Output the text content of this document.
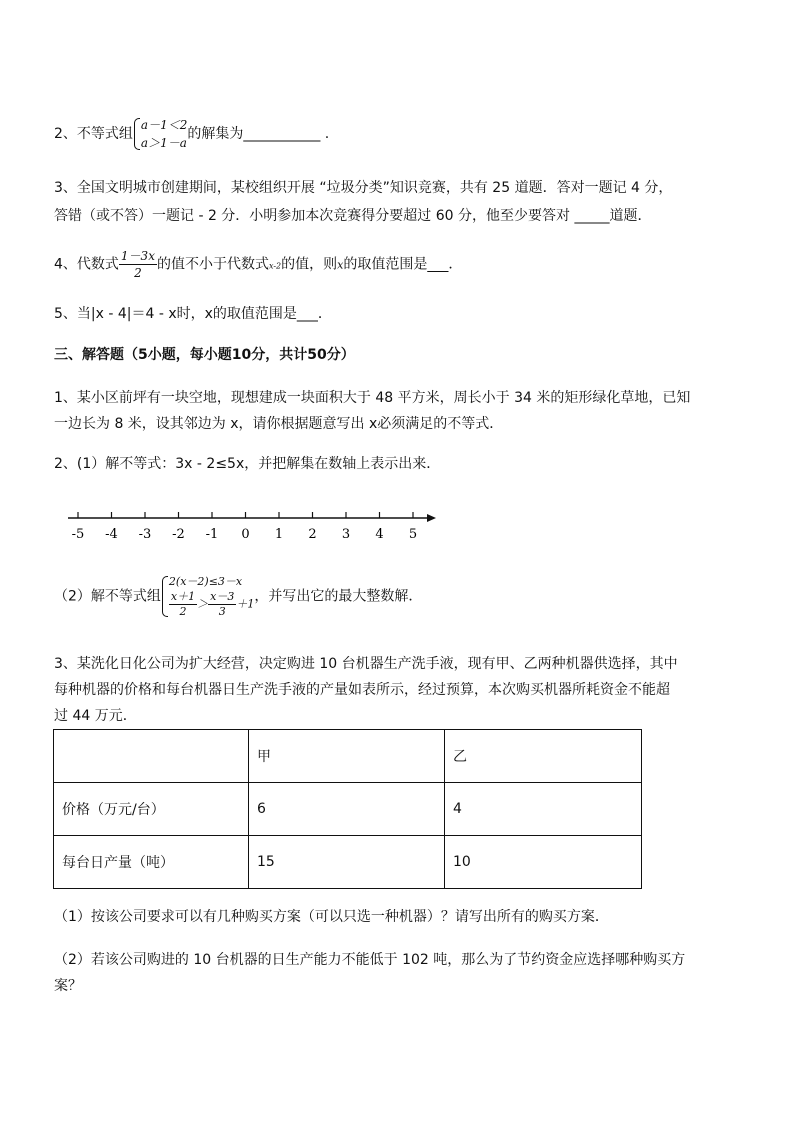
2、不等式组
a－1＜2
a＞1－a
的解集为___________ .
3、全国文明城市创建期间，某校组织开展 “垃圾分类”知识竞赛，共有 25 道题．答对一题记 4 分，
答错（或不答）一题记 - 2 分．小明参加本次竞赛得分要超过 60 分，他至少要答对 _____道题．
4、代数式 $\frac{1-3x}{2}$ 的值不小于代数式x-2的值，则x的取值范围是___．
5、当|x - 4|＝4 - x时，x的取值范围是___．
三、解答题（5小题，每小题10分，共计50分）
1、某小区前坪有一块空地，现想建成一块面积大于 48 平方米，周长小于 34 米的矩形绿化草地，已知
一边长为 8 米，设其邻边为 x，请你根据题意写出 x必须满足的不等式．
2、(1）解不等式：3x - 2≤5x，并把解集在数轴上表示出来．
-5 -4 -3 -2 -1 0 1 2 3 4 5
（2）解不等式组
2(x－2)≤3－x
$\frac{x+1}{2} > \frac{x-3}{3} +1$ ，并写出它的最大整数解．
3、某洗化日化公司为扩大经营，决定购进 10 台机器生产洗手液，现有甲、乙两种机器供选择，其中
每种机器的价格和每台机器日生产洗手液的产量如表所示，经过预算，本次购买机器所耗资金不能超
过 44 万元．
	甲	乙
价格（万元/台）	6	4
每台日产量（吨）	15	10
（1）按该公司要求可以有几种购买方案（可以只选一种机器）？请写出所有的购买方案．
（2）若该公司购进的 10 台机器的日生产能力不能低于 102 吨，那么为了节约资金应选择哪种购买方
案？
